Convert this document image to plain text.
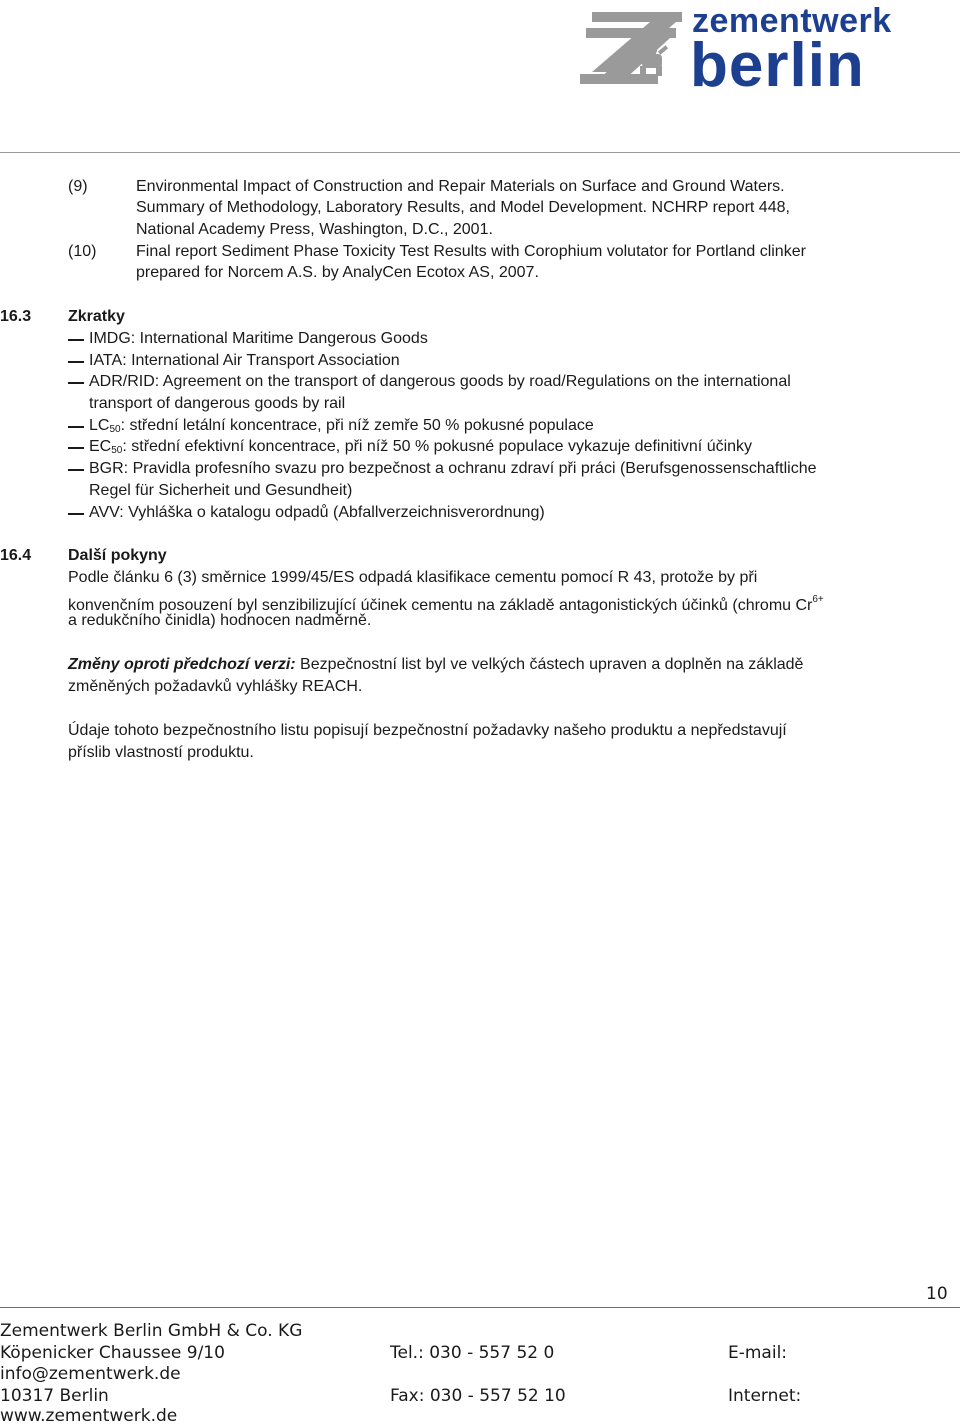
zementwerk
berlin
(9)	Environmental Impact of Construction and Repair Materials on Surface and Ground Waters.
Summary of Methodology, Laboratory Results, and Model Development. NCHRP report 448,
National Academy Press, Washington, D.C., 2001.
(10) Final report Sediment Phase Toxicity Test Results with Corophium volutator for Portland clinker
prepared for Norcem A.S. by AnalyCen Ecotox AS, 2007.
16.3 Zkratky
IMDG: International Maritime Dangerous Goods
IATA: International Air Transport Association
ADR/RID: Agreement on the transport of dangerous goods by road/Regulations on the international
transport of dangerous goods by rail
$LC_{50}$: střední letální koncentrace, při níž zemře 50 % pokusné populace
$EC_{50}$: střední efektivní koncentrace, při níž 50 % pokusné populace vykazuje definitivní účinky
BGR: Pravidla profesního svazu pro bezpečnost a ochranu zdraví při práci (Berufsgenossenschaftliche
Regel für Sicherheit und Gesundheit)
AVV: Vyhláška o katalogu odpadů (Abfallverzeichnisverordnung)
16.4 Další pokyny
Podle článku 6 (3) směrnice 1999/45/ES odpadá klasifikace cementu pomocí R 43, protože by při
konvenčním posouzení byl senzibilizující účinek cementu na základě antagonistických účinků (chromu $Cr^{6+}$
a redukčního činidla) hodnocen nadměrně.
Změny oproti předchozí verzi: Bezpečnostní list byl ve velkých částech upraven a doplněn na základě
změněných požadavků vyhlášky REACH.
Údaje tohoto bezpečnostního listu popisují bezpečnostní požadavky našeho produktu a nepředstavují
příslib vlastností produktu.
10
Zementwerk Berlin GmbH & Co. KG
Köpenicker Chaussee 9/10	Tel.: 030 - 557 52 0	E-mail:
info@zementwerk.de
10317 Berlin	Fax: 030 - 557 52 10	Internet:
www.zementwerk.de
